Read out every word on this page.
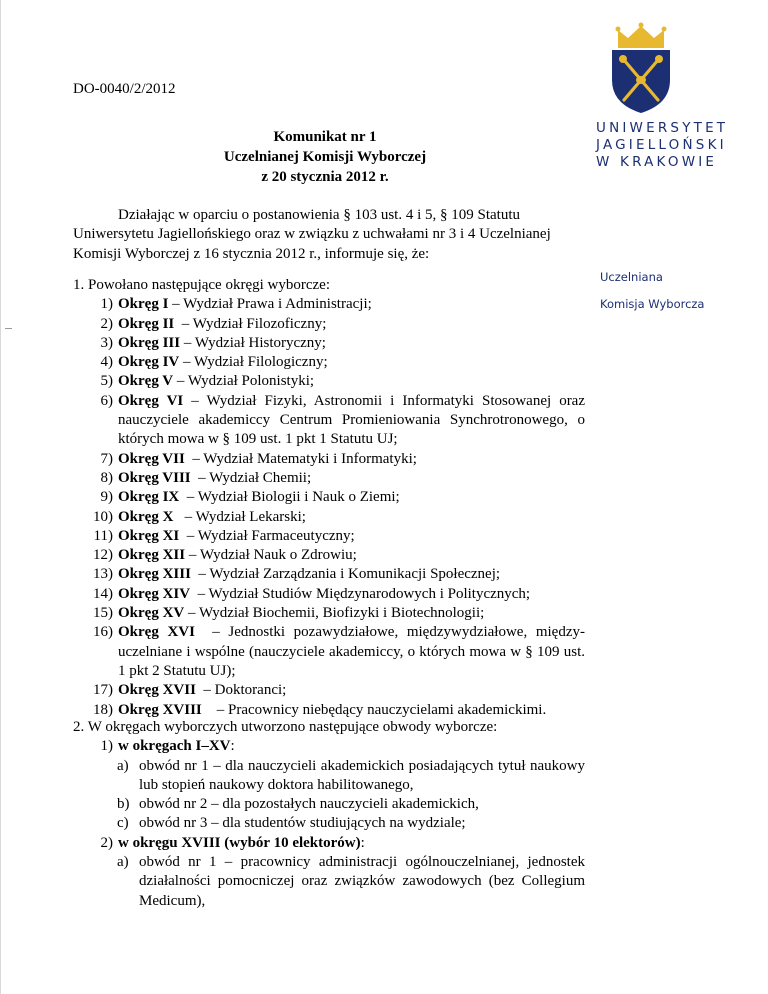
DO-0040/2/2012
Komunikat nr 1
Uczelnianej Komisji Wyborczej
z 20 stycznia 2012 r.
UNIWERSYTET
JAGIELLOŃSKI
W KRAKOWIE
Uczelniana
Komisja Wyborcza
Działając w oparciu o postanowienia § 103 ust. 4 i 5, § 109 Statutu
Uniwersytetu Jagiellońskiego oraz w związku z uchwałami nr 3 i 4 Uczelnianej
Komisji Wyborczej z 16 stycznia 2012 r., informuje się, że:
1. Powołano następujące okręgi wyborcze:
1) Okręg I – Wydział Prawa i Administracji;
2) Okręg II  – Wydział Filozoficzny;
3) Okręg III – Wydział Historyczny;
4) Okręg IV – Wydział Filologiczny;
5) Okręg V – Wydział Polonistyki;
6) Okręg VI – Wydział Fizyki, Astronomii i Informatyki Stosowanej oraz nauczyciele akademiccy Centrum Promieniowania Synchrotronowego, o których mowa w § 109 ust. 1 pkt 1 Statutu UJ;
7) Okręg VII  – Wydział Matematyki i Informatyki;
8) Okręg VIII  – Wydział Chemii;
9) Okręg IX  – Wydział Biologii i Nauk o Ziemi;
10) Okręg X   – Wydział Lekarski;
11) Okręg XI  – Wydział Farmaceutyczny;
12) Okręg XII – Wydział Nauk o Zdrowiu;
13) Okręg XIII  – Wydział Zarządzania i Komunikacji Społecznej;
14) Okręg XIV  – Wydział Studiów Międzynarodowych i Politycznych;
15) Okręg XV – Wydział Biochemii, Biofizyki i Biotechnologii;
16) Okręg XVI  – Jednostki pozawydziałowe, międzywydziałowe, między-uczelniane i wspólne (nauczyciele akademiccy, o których mowa w § 109 ust. 1 pkt 2 Statutu UJ);
17) Okręg XVII  – Doktoranci;
18) Okręg XVIII    – Pracownicy niebędący nauczycielami akademickimi.
2. W okręgach wyborczych utworzono następujące obwody wyborcze:
1) w okręgach I–XV:
a) obwód nr 1 – dla nauczycieli akademickich posiadających tytuł naukowy lub stopień naukowy doktora habilitowanego,
b) obwód nr 2 – dla pozostałych nauczycieli akademickich,
c) obwód nr 3 – dla studentów studiujących na wydziale;
2) w okręgu XVIII (wybór 10 elektorów):
a) obwód nr 1 – pracownicy administracji ogólnouczelnianej, jednostek działalności pomocniczej oraz związków zawodowych (bez Collegium Medicum),
